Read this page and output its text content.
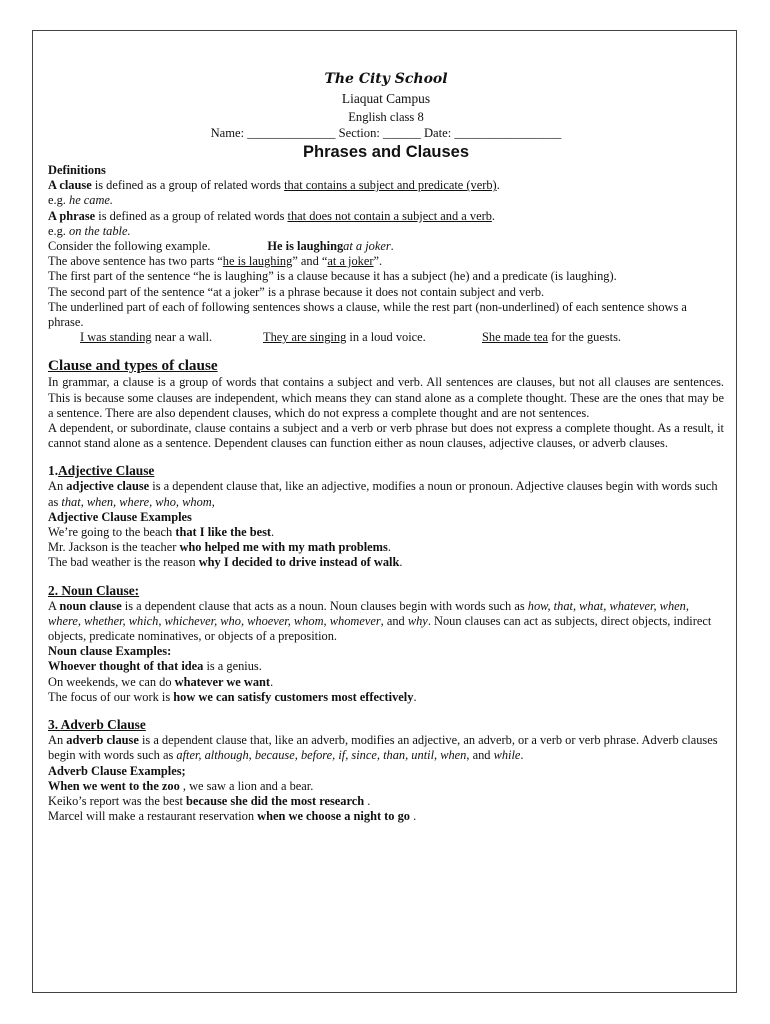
The City School

Liaquat Campus

English class 8

Name: ______________ Section: ______ Date: _________________

Phrases and Clauses

Definitions

A clause is defined as a group of related words that contains a subject and predicate (verb).

e.g. he came.

A phrase is defined as a group of related words that does not contain a subject and a verb.

e.g. on the table.

Consider the following example.	He is laughingat a joker.

The above sentence has two parts “he is laughing” and “at a joker”.

The first part of the sentence “he is laughing” is a clause because it has a subject (he) and a predicate (is laughing).

The second part of the sentence “at a joker” is a phrase because it does not contain subject and verb.

The underlined part of each of following sentences shows a clause, while the rest part (non-underlined) of each sentence shows a phrase.

I was standing near a wall.	They are singing in a loud voice.	She made tea for the guests.

Clause and types of clause

In grammar, a clause is a group of words that contains a subject and verb. All sentences are clauses, but not all clauses are sentences. This is because some clauses are independent, which means they can stand alone as a complete thought. These are the ones that may be a sentence. There are also dependent clauses, which do not express a complete thought and are not sentences.

A dependent, or subordinate, clause contains a subject and a verb or verb phrase but does not express a complete thought. As a result, it cannot stand alone as a sentence. Dependent clauses can function either as noun clauses, adjective clauses, or adverb clauses.

1.Adjective Clause

An adjective clause is a dependent clause that, like an adjective, modifies a noun or pronoun. Adjective clauses begin with words such as that, when, where, who, whom,

Adjective Clause Examples

We’re going to the beach that I like the best.

Mr. Jackson is the teacher who helped me with my math problems.

The bad weather is the reason why I decided to drive instead of walk.

2. Noun Clause:

A noun clause is a dependent clause that acts as a noun. Noun clauses begin with words such as how, that, what, whatever, when, where, whether, which, whichever, who, whoever, whom, whomever, and why. Noun clauses can act as subjects, direct objects, indirect objects, predicate nominatives, or objects of a preposition.

Noun clause Examples:

Whoever thought of that idea is a genius.

On weekends, we can do whatever we want.

The focus of our work is how we can satisfy customers most effectively.

3. Adverb Clause

An adverb clause is a dependent clause that, like an adverb, modifies an adjective, an adverb, or a verb or verb phrase. Adverb clauses begin with words such as after, although, because, before, if, since, than, until, when, and while.

Adverb Clause Examples;

When we went to the zoo , we saw a lion and a bear.

Keiko’s report was the best because she did the most research .

Marcel will make a restaurant reservation when we choose a night to go .
